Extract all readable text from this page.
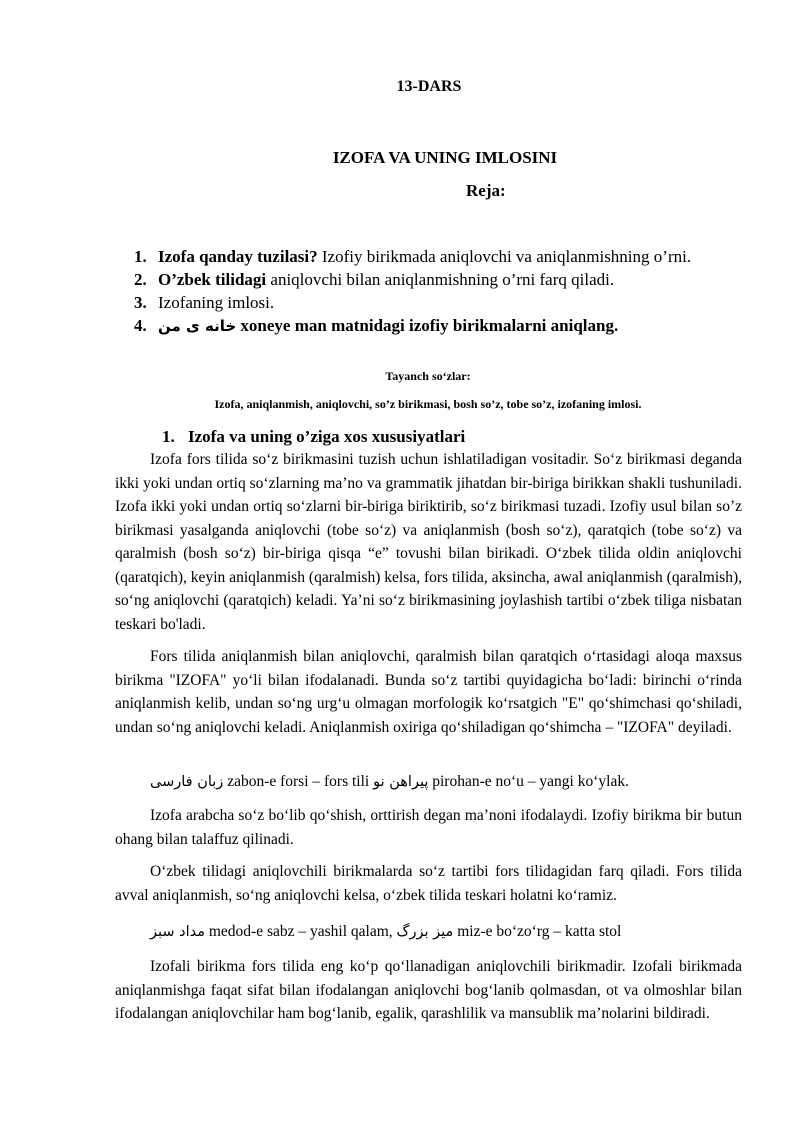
13-DARS
IZOFA VA UNING IMLOSINI
Reja:
1. Izofa qanday tuzilasi? Izofiy birikmada aniqlovchi va aniqlanmishning o’rni.
2. O’zbek tilidagi aniqlovchi bilan aniqlanmishning o’rni farq qiladi.
3. Izofaning imlosi.
4. خانه ی من xoneye man matnidagi izofiy birikmalarni aniqlang.
Tayanch so‘zlar:
Izofa, aniqlanmish, aniqlovchi, so’z birikmasi, bosh so’z, tobe so’z, izofaning imlosi.
1. Izofa va uning o’ziga xos xususiyatlari

Izofa fors tilida so‘z birikmasini tuzish uchun ishlatiladigan vositadir. So‘z birikmasi deganda ikki yoki undan ortiq so‘zlarning ma’no va grammatik jihatdan bir-biriga birikkan shakli tushuniladi. Izofa ikki yoki undan ortiq so‘zlarni bir-biriga biriktirib, so‘z birikmasi tuzadi. Izofiy usul bilan so’z birikmasi yasalganda aniqlovchi (tobe so‘z) va aniqlanmish (bosh so‘z), qaratqich (tobe so‘z) va qaralmish (bosh so‘z) bir-biriga qisqa “e” tovushi bilan birikadi. O‘zbek tilida oldin aniqlovchi (qaratqich), keyin aniqlanmish (qaralmish) kelsa, fors tilida, aksincha, awal aniqlanmish (qaralmish), so‘ng aniqlovchi (qaratqich) keladi. Ya’ni so‘z birikmasining joylashish tartibi o‘zbek tiliga nisbatan teskari bo'ladi.

Fors tilida aniqlanmish bilan aniqlovchi, qaralmish bilan qaratqich o‘rtasidagi aloqa maxsus birikma "IZOFA" yo‘li bilan ifodalanadi. Bunda so‘z tartibi quyidagicha bo‘ladi: birinchi o‘rinda aniqlanmish kelib, undan so‘ng urg‘u olmagan morfologik ko‘rsatgich "E" qo‘shimchasi qo‘shiladi, undan so‘ng aniqlovchi keladi. Aniqlanmish oxiriga qo‘shiladigan qo‘shimcha – "IZOFA" deyiladi.

زبان فارسی zabon-e forsi – fors tili پیراهن نو pirohan-e no‘u – yangi ko‘ylak.

Izofa arabcha so‘z bo‘lib qo‘shish, orttirish degan ma’noni ifodalaydi. Izofiy birikma bir butun ohang bilan talaffuz qilinadi.

O‘zbek tilidagi aniqlovchili birikmalarda so‘z tartibi fors tilidagidan farq qiladi. Fors tilida avval aniqlanmish, so‘ng aniqlovchi kelsa, o‘zbek tilida teskari holatni ko‘ramiz.

مداد سبز medod-e sabz – yashil qalam, میز بزرگ miz-e bo‘zo‘rg – katta stol

Izofali birikma fors tilida eng ko‘p qo‘llanadigan aniqlovchili birikmadir. Izofali birikmada aniqlanmishga faqat sifat bilan ifodalangan aniqlovchi bog‘lanib qolmasdan, ot va olmoshlar bilan ifodalangan aniqlovchilar ham bog‘lanib, egalik, qarashlilik va mansublik ma’nolarini bildiradi.
